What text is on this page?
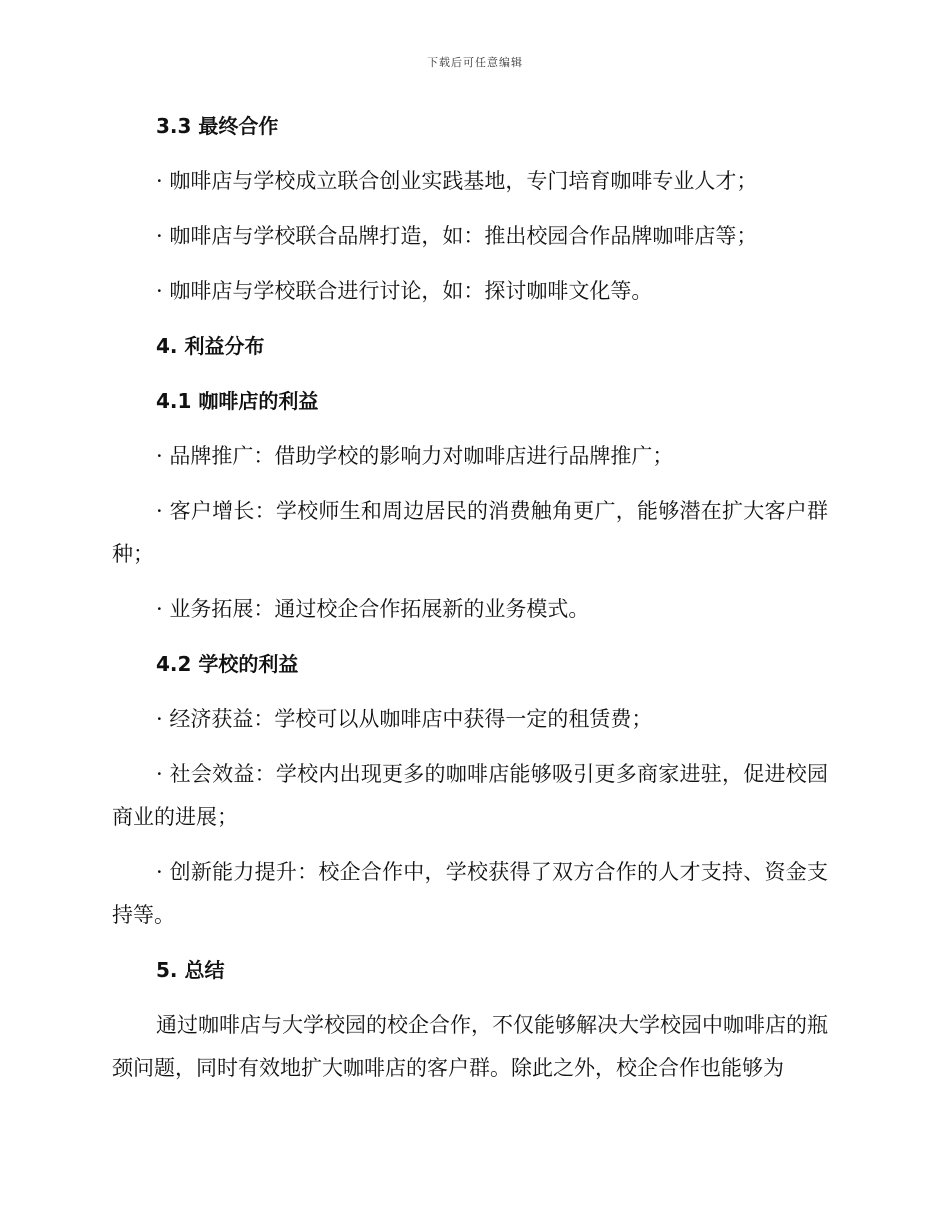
下载后可任意编辑
3.3 最终合作

· 咖啡店与学校成立联合创业实践基地，专门培育咖啡专业人才；

· 咖啡店与学校联合品牌打造，如：推出校园合作品牌咖啡店等；

· 咖啡店与学校联合进行讨论，如：探讨咖啡文化等。

4. 利益分布
4.1 咖啡店的利益

· 品牌推广：借助学校的影响力对咖啡店进行品牌推广；

· 客户增长：学校师生和周边居民的消费触角更广，能够潜在扩大客户群种；

· 业务拓展：通过校企合作拓展新的业务模式。

4.2 学校的利益

· 经济获益：学校可以从咖啡店中获得一定的租赁费；

· 社会效益：学校内出现更多的咖啡店能够吸引更多商家进驻，促进校园商业的进展；

· 创新能力提升：校企合作中，学校获得了双方合作的人才支持、资金支持等。

5. 总结

通过咖啡店与大学校园的校企合作，不仅能够解决大学校园中咖啡店的瓶颈问题，同时有效地扩大咖啡店的客户群。除此之外，校企合作也能够为
